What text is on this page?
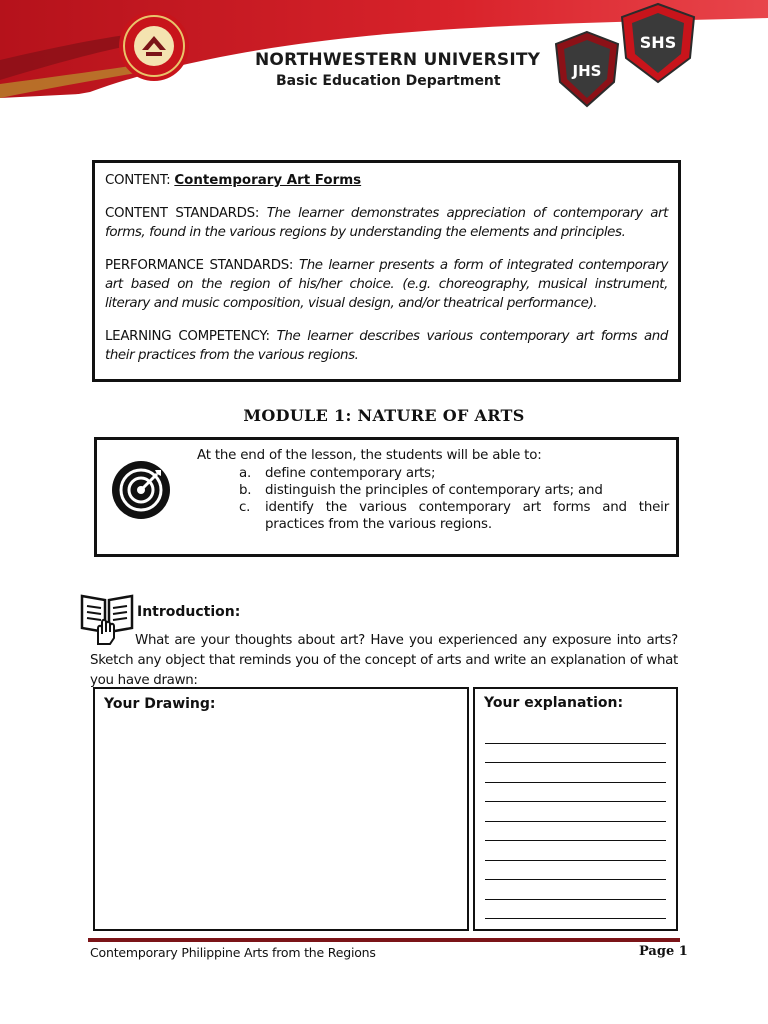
NORTHWESTERN UNIVERSITY
Basic Education Department
JHS
SHS

CONTENT: Contemporary Art Forms

CONTENT STANDARDS: The learner demonstrates appreciation of contemporary art forms, found in the various regions by understanding the elements and principles.

PERFORMANCE STANDARDS: The learner presents a form of integrated contemporary art based on the region of his/her choice. (e.g. choreography, musical instrument, literary and music composition, visual design, and/or theatrical performance).

LEARNING COMPETENCY: The learner describes various contemporary art forms and their practices from the various regions.

MODULE 1: NATURE OF ARTS
At the end of the lesson, the students will be able to:
a. define contemporary arts;
b. distinguish the principles of contemporary arts; and
c. identify the various contemporary art forms and their practices from the various regions.
Introduction:
What are your thoughts about art? Have you experienced any exposure into arts? Sketch any object that reminds you of the concept of arts and write an explanation of what you have drawn:
Your Drawing:	Your explanation:
Contemporary Philippine Arts from the Regions	Page 1
